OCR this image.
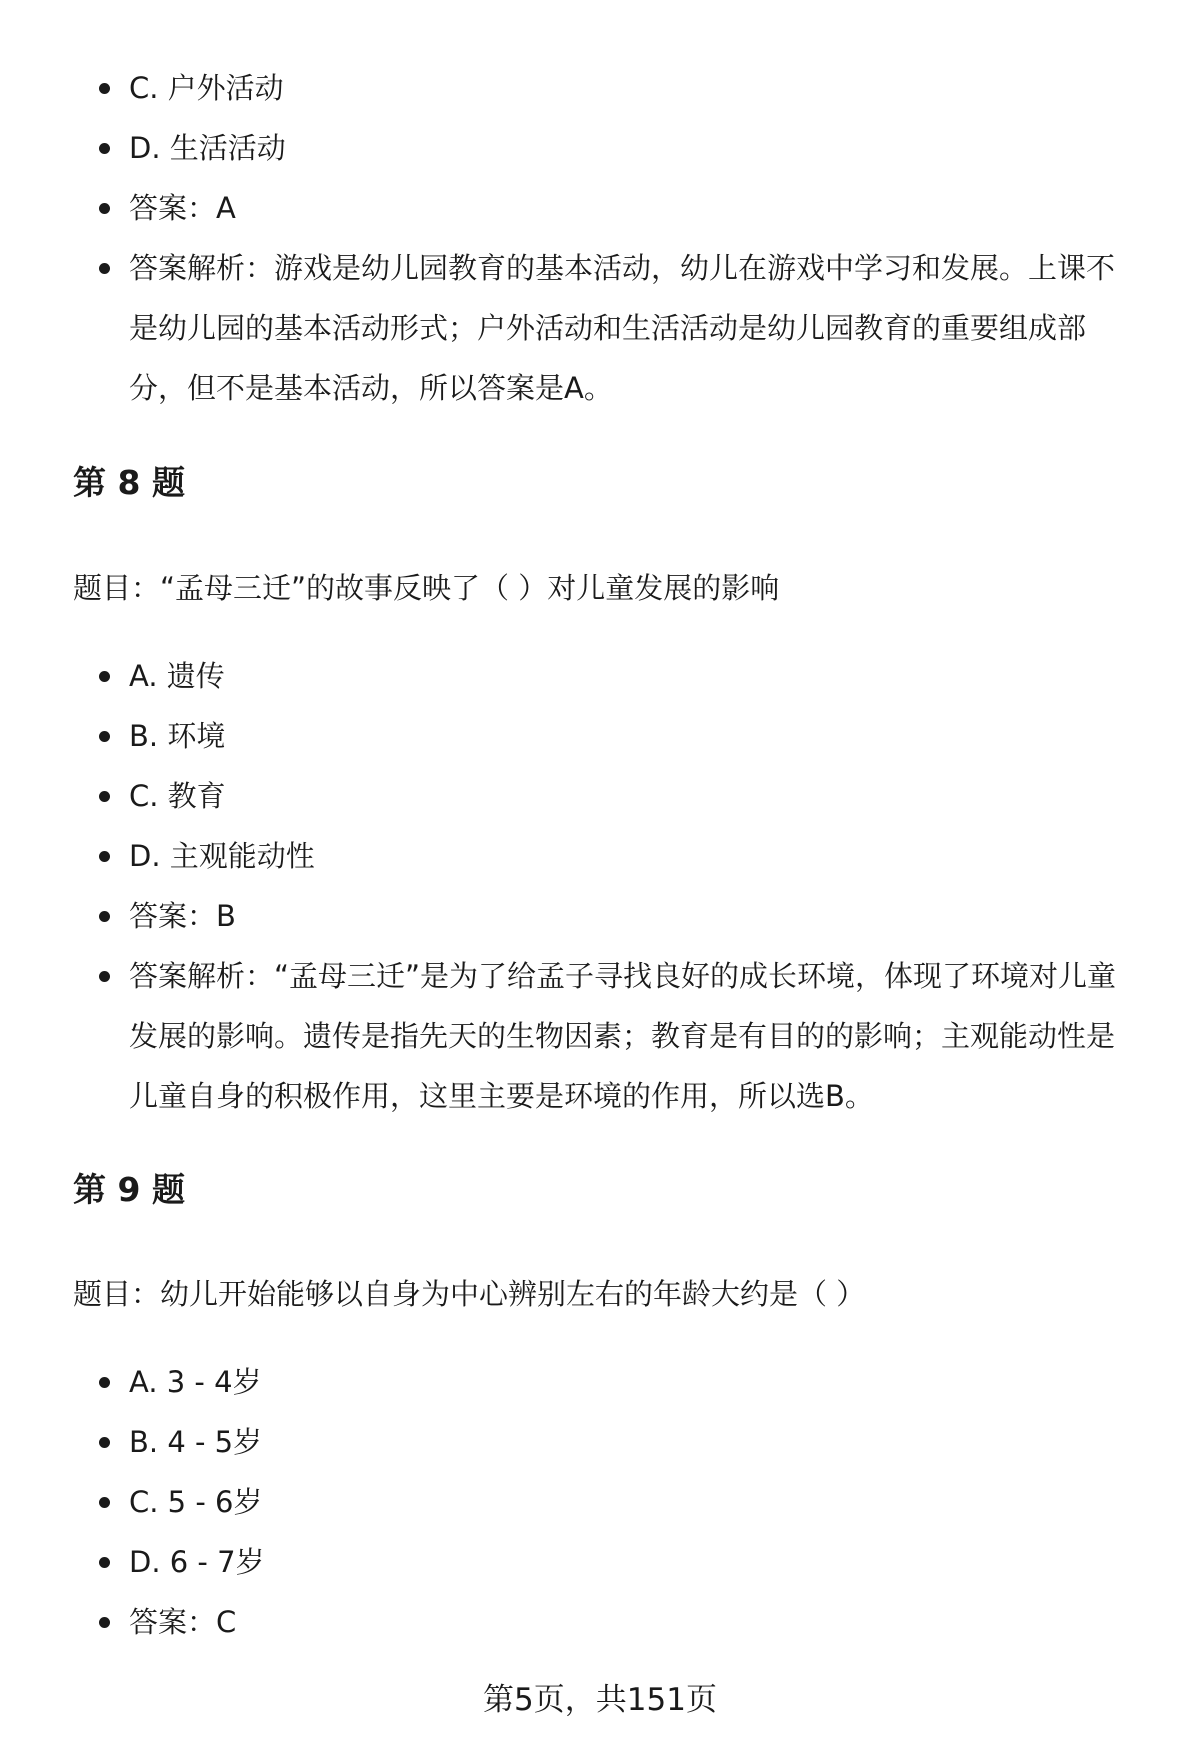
C. 户外活动
D. 生活活动
答案：A
答案解析：游戏是幼儿园教育的基本活动，幼儿在游戏中学习和发展。上课不是幼儿园的基本活动形式；户外活动和生活活动是幼儿园教育的重要组成部分，但不是基本活动，所以答案是A。
第 8 题

题目：“孟母三迁”的故事反映了（ ）对儿童发展的影响

A. 遗传
B. 环境
C. 教育
D. 主观能动性
答案：B
答案解析：“孟母三迁”是为了给孟子寻找良好的成长环境，体现了环境对儿童发展的影响。遗传是指先天的生物因素；教育是有目的的影响；主观能动性是儿童自身的积极作用，这里主要是环境的作用，所以选B。
第 9 题

题目：幼儿开始能够以自身为中心辨别左右的年龄大约是（ ）

A. 3 - 4岁
B. 4 - 5岁
C. 5 - 6岁
D. 6 - 7岁
答案：C
第5页，共151页
